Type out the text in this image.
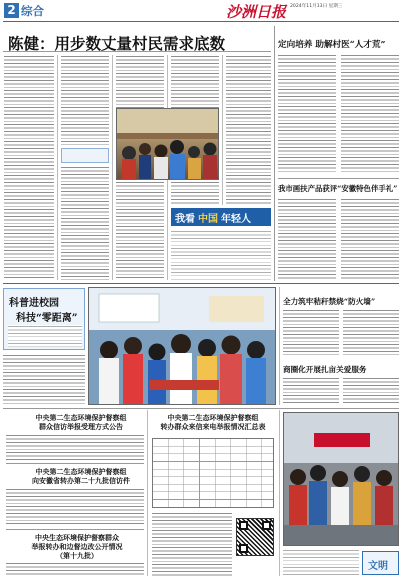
2 综合	沙洲日报 2024年11月13日 星期三
陈健：用步数丈量村民需求底数
我看 中国 年轻人
定向培养 助解村医“人才荒”
我市画扶产品获评“安徽特色伴手礼”
科普进校园
科技“零距离”
全力筑牢秸秆禁烧“防火墙”
商圈化开展扎亩关爱服务
中央第二生态环境保护督察组
群众信访举报受理方式公告
中央第二生态环境保护督察组
向安徽省转办第二十九批信访件
中央生态环境保护督察群众
举报转办和边督边改公开情况
（第十九批）
中央第二生态环境保护督察组
转办群众来信来电举报情况汇总表
文明
